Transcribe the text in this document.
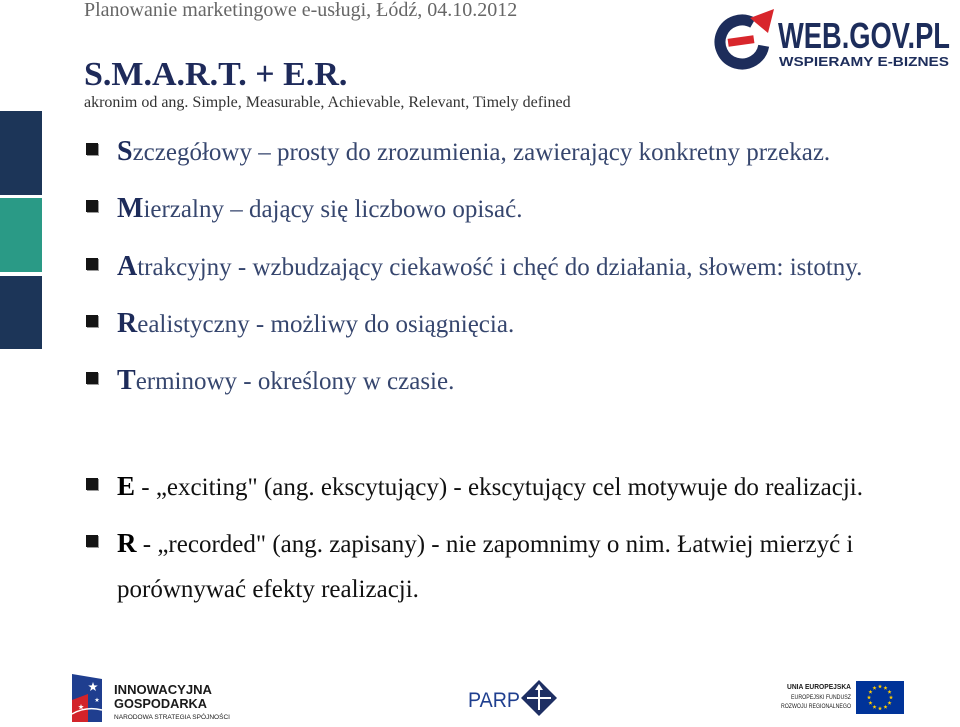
Planowanie marketingowe e-usługi, Łódź, 04.10.2012
WEB.GOV.PL
WSPIERAMY E-BIZNES
S.M.A.R.T. + E.R.
akronim od ang. Simple, Measurable, Achievable, Relevant, Timely defined
Szczegółowy – prosty do zrozumienia, zawierający konkretny przekaz.
Mierzalny – dający się liczbowo opisać.
Atrakcyjny - wzbudzający ciekawość i chęć do działania, słowem: istotny.
Realistyczny - możliwy do osiągnięcia.
Terminowy - określony w czasie.
E - „exciting" (ang. ekscytujący) - ekscytujący cel motywuje do realizacji.
R - „recorded" (ang. zapisany) - nie zapomnimy o nim. Łatwiej mierzyć i porównywać efekty realizacji.
INNOWACYJNA
GOSPODARKA
NARODOWA STRATEGIA SPÓJNOŚCI
PARP
UNIA EUROPEJSKA
EUROPEJSKI FUNDUSZ
ROZWOJU REGIONALNEGO
